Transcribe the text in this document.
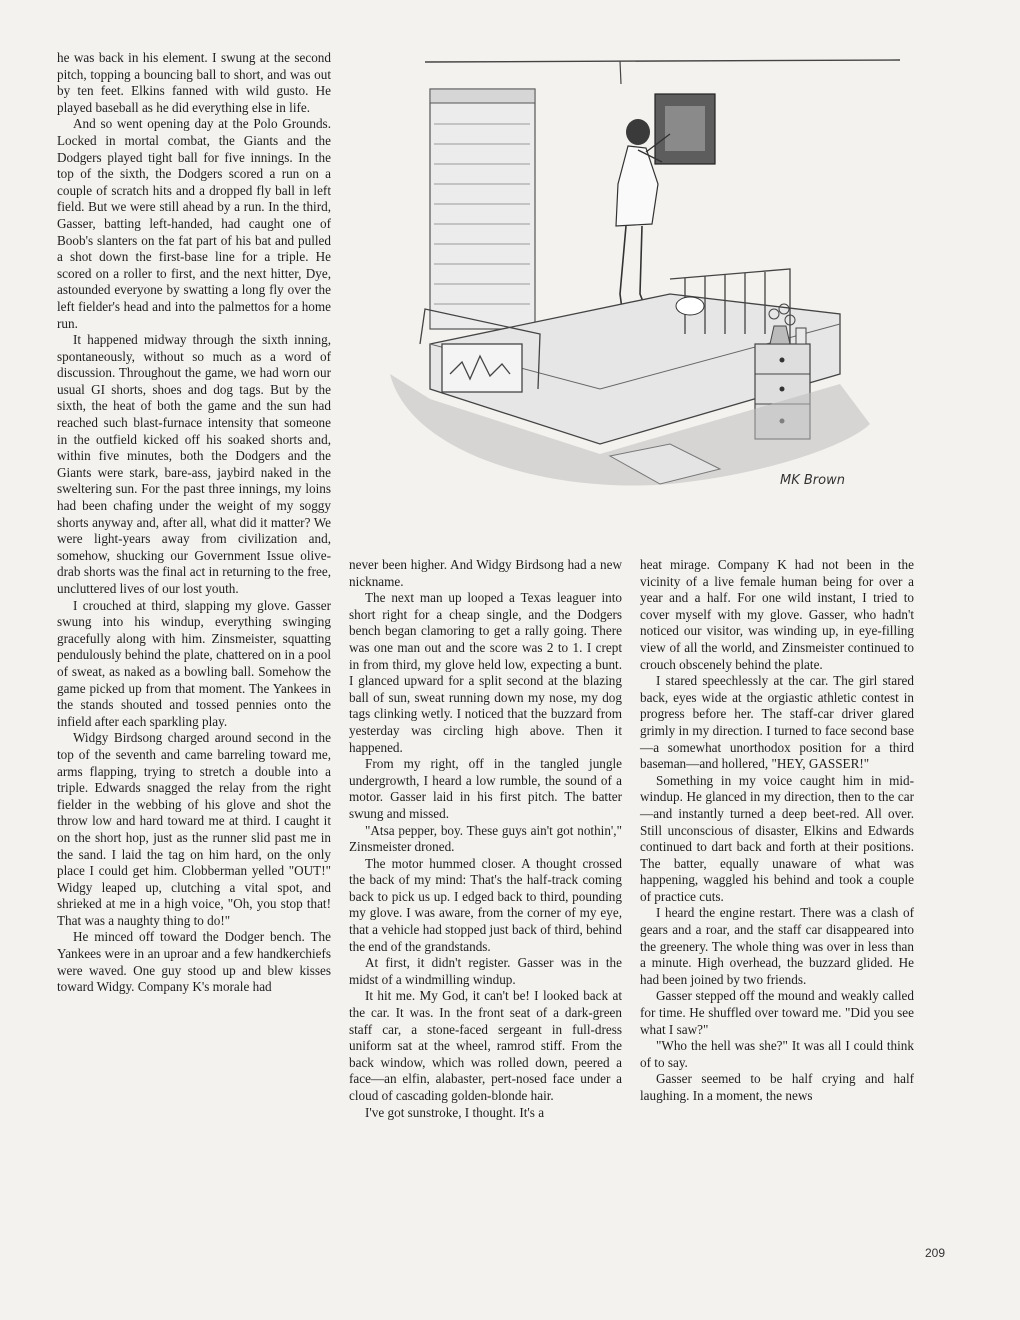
MK Brown

he was back in his element. I swung at the second pitch, topping a bouncing ball to short, and was out by ten feet. Elkins fanned with wild gusto. He played baseball as he did everything else in life.

And so went opening day at the Polo Grounds. Locked in mortal combat, the Giants and the Dodgers played tight ball for five innings. In the top of the sixth, the Dodgers scored a run on a couple of scratch hits and a dropped fly ball in left field. But we were still ahead by a run. In the third, Gasser, batting left-handed, had caught one of Boob's slanters on the fat part of his bat and pulled a shot down the first-base line for a triple. He scored on a roller to first, and the next hitter, Dye, astounded everyone by swatting a long fly over the left fielder's head and into the palmettos for a home run.

It happened midway through the sixth inning, spontaneously, without so much as a word of discussion. Throughout the game, we had worn our usual GI shorts, shoes and dog tags. But by the sixth, the heat of both the game and the sun had reached such blast-furnace intensity that someone in the outfield kicked off his soaked shorts and, within five minutes, both the Dodgers and the Giants were stark, bare-ass, jaybird naked in the sweltering sun. For the past three innings, my loins had been chafing under the weight of my soggy shorts anyway and, after all, what did it matter? We were light-years away from civilization and, somehow, shucking our Government Issue olive-drab shorts was the final act in returning to the free, uncluttered lives of our lost youth.

I crouched at third, slapping my glove. Gasser swung into his windup, everything swinging gracefully along with him. Zinsmeister, squatting pendulously behind the plate, chattered on in a pool of sweat, as naked as a bowling ball. Somehow the game picked up from that moment. The Yankees in the stands shouted and tossed pennies onto the infield after each sparkling play.

Widgy Birdsong charged around second in the top of the seventh and came barreling toward me, arms flapping, trying to stretch a double into a triple. Edwards snagged the relay from the right fielder in the webbing of his glove and shot the throw low and hard toward me at third. I caught it on the short hop, just as the runner slid past me in the sand. I laid the tag on him hard, on the only place I could get him. Clobberman yelled "OUT!" Widgy leaped up, clutching a vital spot, and shrieked at me in a high voice, "Oh, you stop that! That was a naughty thing to do!"

He minced off toward the Dodger bench. The Yankees were in an uproar and a few handkerchiefs were waved. One guy stood up and blew kisses toward Widgy. Company K's morale had

never been higher. And Widgy Birdsong had a new nickname.

The next man up looped a Texas leaguer into short right for a cheap single, and the Dodgers bench began clamoring to get a rally going. There was one man out and the score was 2 to 1. I crept in from third, my glove held low, expecting a bunt. I glanced upward for a split second at the blazing ball of sun, sweat running down my nose, my dog tags clinking wetly. I noticed that the buzzard from yesterday was circling high above. Then it happened.

From my right, off in the tangled jungle undergrowth, I heard a low rumble, the sound of a motor. Gasser laid in his first pitch. The batter swung and missed.

"Atsa pepper, boy. These guys ain't got nothin'," Zinsmeister droned.

The motor hummed closer. A thought crossed the back of my mind: That's the half-track coming back to pick us up. I edged back to third, pounding my glove. I was aware, from the corner of my eye, that a vehicle had stopped just back of third, behind the end of the grandstands.

At first, it didn't register. Gasser was in the midst of a windmilling windup.

It hit me. My God, it can't be! I looked back at the car. It was. In the front seat of a dark-green staff car, a stone-faced sergeant in full-dress uniform sat at the wheel, ramrod stiff. From the back window, which was rolled down, peered a face—an elfin, alabaster, pert-nosed face under a cloud of cascading golden-blonde hair.

I've got sunstroke, I thought. It's a

heat mirage. Company K had not been in the vicinity of a live female human being for over a year and a half. For one wild instant, I tried to cover myself with my glove. Gasser, who hadn't noticed our visitor, was winding up, in eye-filling view of all the world, and Zinsmeister continued to crouch obscenely behind the plate.

I stared speechlessly at the car. The girl stared back, eyes wide at the orgiastic athletic contest in progress before her. The staff-car driver glared grimly in my direction. I turned to face second base—a somewhat unorthodox position for a third baseman—and hollered, "HEY, GASSER!"

Something in my voice caught him in mid-windup. He glanced in my direction, then to the car—and instantly turned a deep beet-red. All over. Still unconscious of disaster, Elkins and Edwards continued to dart back and forth at their positions. The batter, equally unaware of what was happening, waggled his behind and took a couple of practice cuts.

I heard the engine restart. There was a clash of gears and a roar, and the staff car disappeared into the greenery. The whole thing was over in less than a minute. High overhead, the buzzard glided. He had been joined by two friends.

Gasser stepped off the mound and weakly called for time. He shuffled over toward me. "Did you see what I saw?"

"Who the hell was she?" It was all I could think of to say.

Gasser seemed to be half crying and half laughing. In a moment, the news

209
